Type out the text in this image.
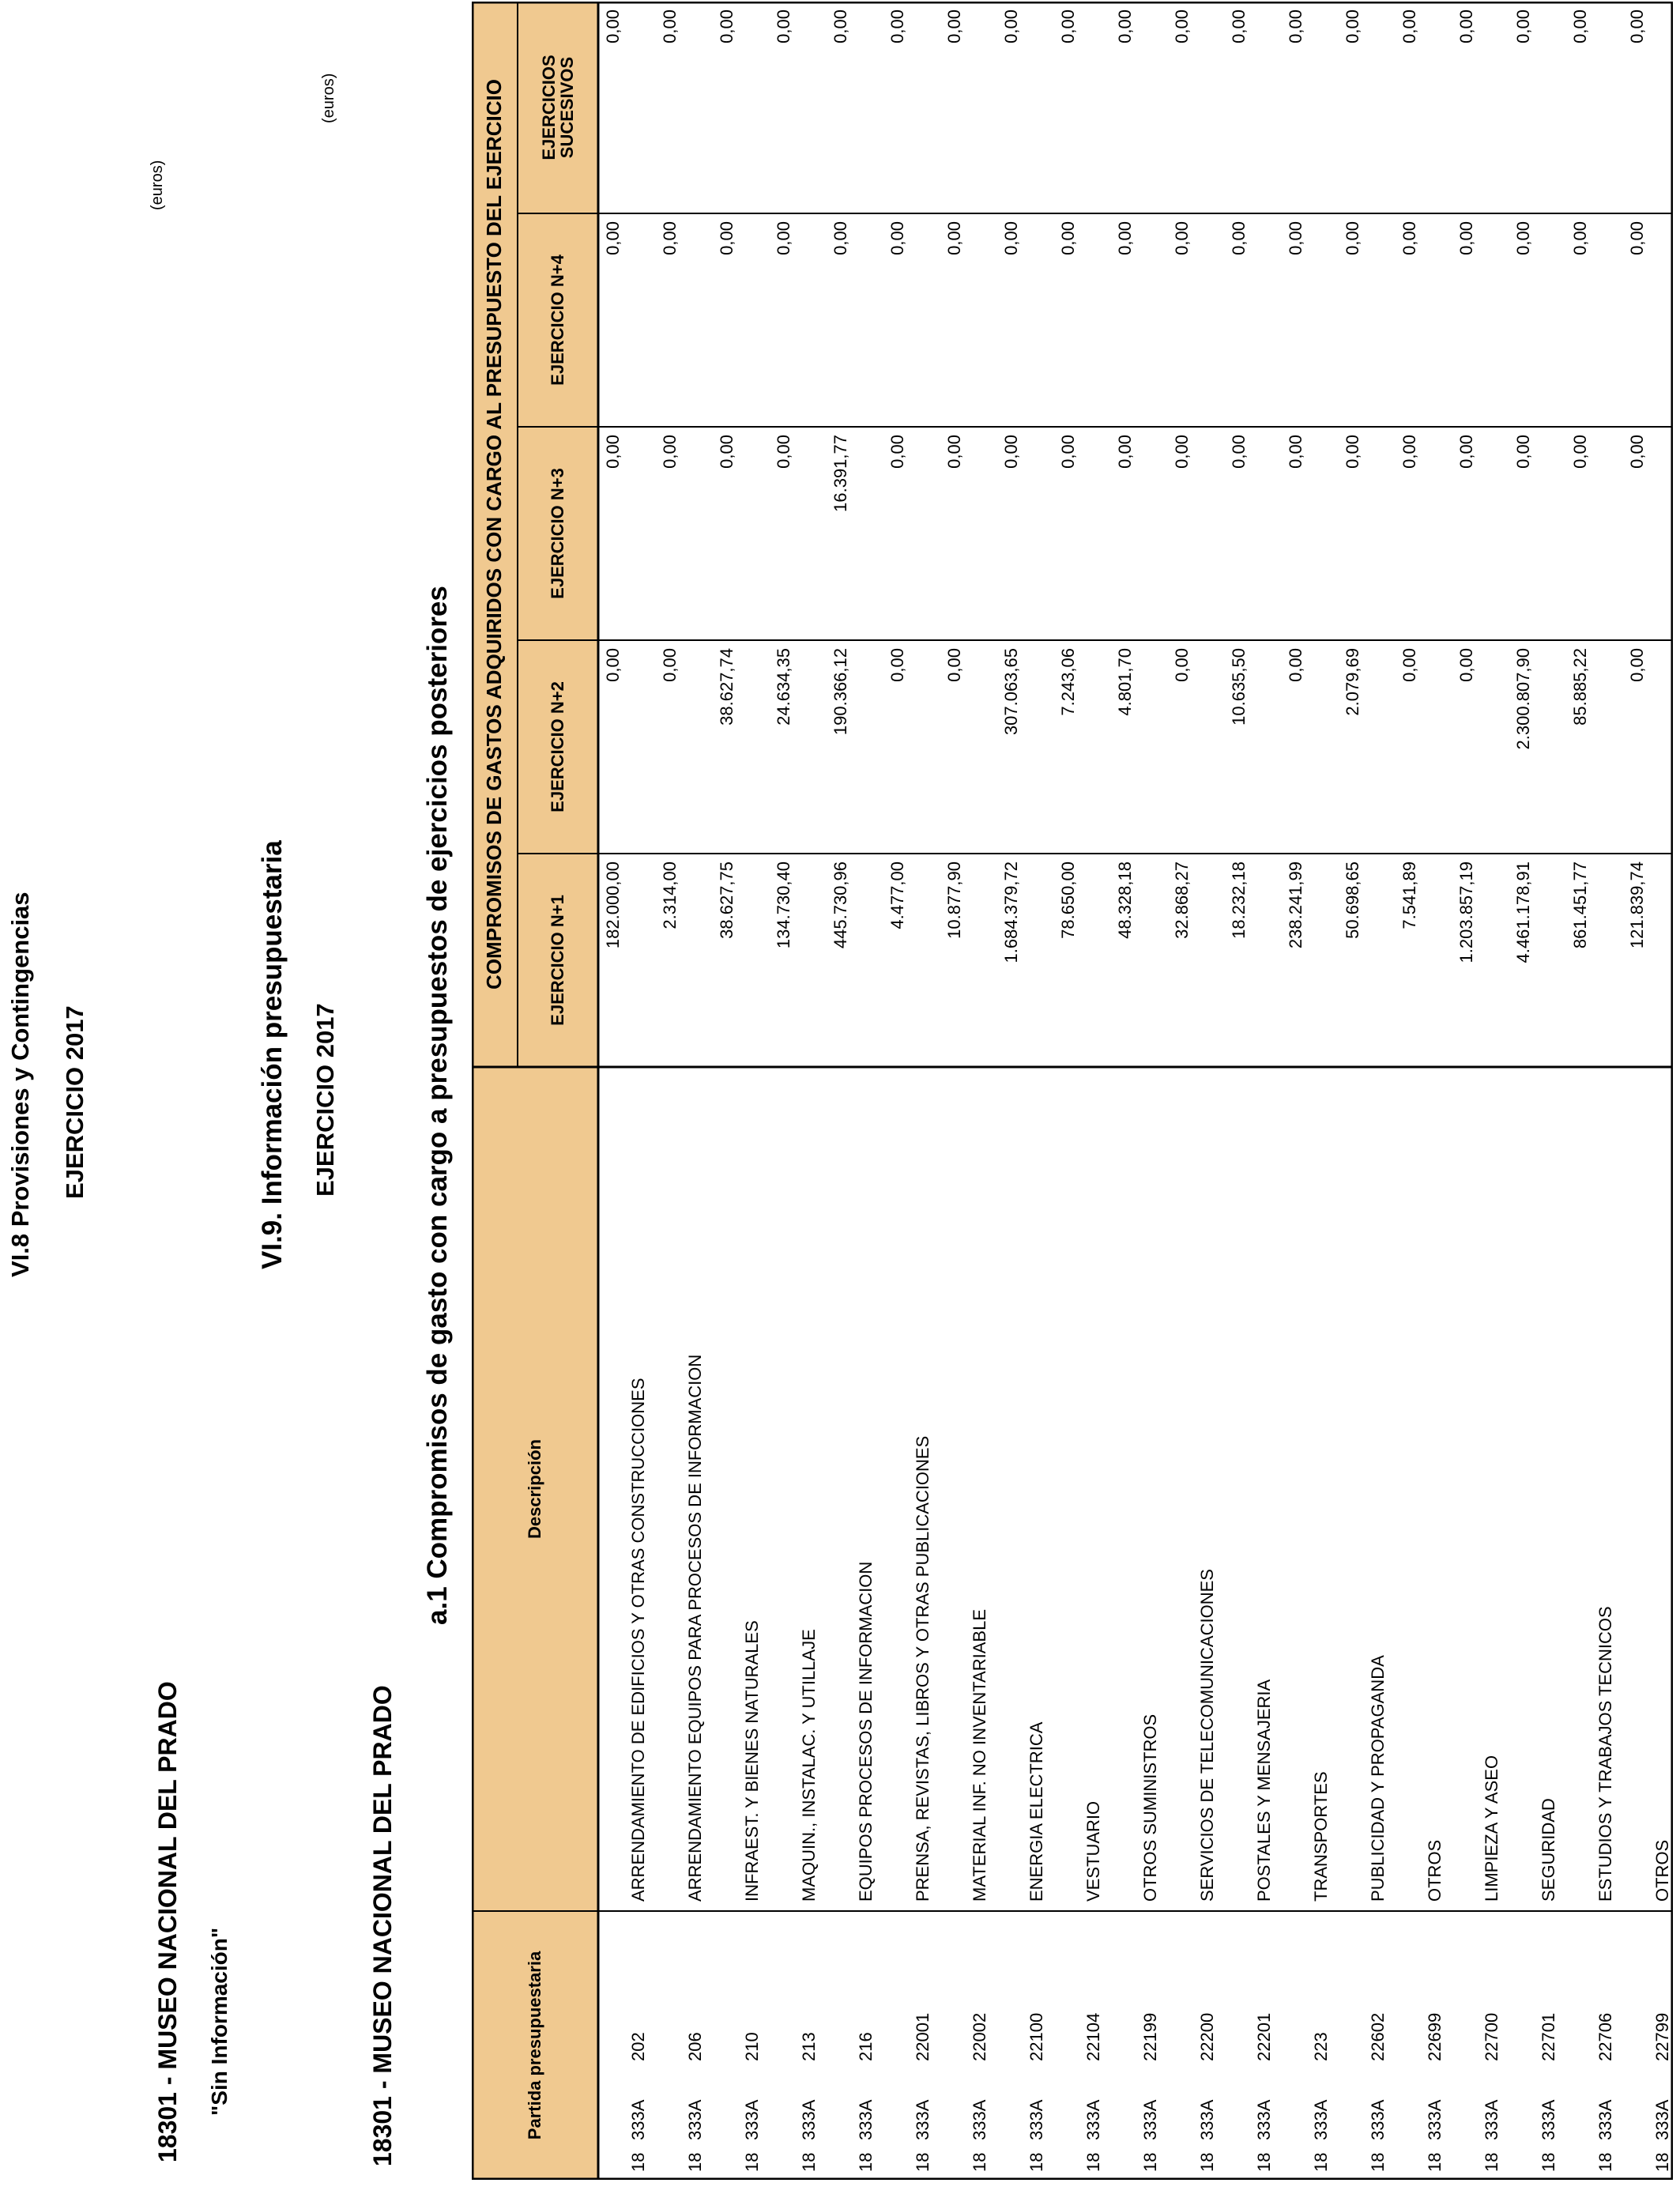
VI.8 Provisiones y Contingencias EJERCICIO 2017
(euros)
18301 - MUSEO NACIONAL DEL PRADO "Sin Información"
VI.9. Información presupuestaria EJERCICIO 2017
(euros)
18301 - MUSEO NACIONAL DEL PRADO
a.1 Compromisos de gasto con cargo a presupuestos de ejercicios posteriores
Partida presupuestaria
Descripción
COMPROMISOS DE GASTOS ADQUIRIDOS CON CARGO AL PRESUPUESTO DEL EJERCICIO	EJERCICIO N+1
EJERCICIO N+2
EJERCICIO N+3
EJERCICIO N+4
EJERCICIOS SUCESIVOS
18
333A
202
ARRENDAMIENTO DE EDIFICIOS Y OTRAS CONSTRUCCIONES
182.000,00
0,00
0,00
0,00
0,00
18
333A
206
ARRENDAMIENTO EQUIPOS PARA PROCESOS DE INFORMACION
2.314,00
0,00
0,00
0,00
0,00
18
333A
210
INFRAEST. Y BIENES NATURALES
38.627,75
38.627,74
0,00
0,00
0,00
18
333A
213
MAQUIN., INSTALAC. Y UTILLAJE
134.730,40
24.634,35
0,00
0,00
0,00
18
333A
216
EQUIPOS PROCESOS DE INFORMACION
445.730,96
190.366,12
16.391,77
0,00
0,00
18
333A
22001
PRENSA, REVISTAS, LIBROS Y OTRAS PUBLICACIONES
4.477,00
0,00
0,00
0,00
0,00
18
333A
22002
MATERIAL INF. NO INVENTARIABLE
10.877,90
0,00
0,00
0,00
0,00
18
333A
22100
ENERGIA ELECTRICA
1.684.379,72
307.063,65
0,00
0,00
0,00
18
333A
22104
VESTUARIO
78.650,00
7.243,06
0,00
0,00
0,00
18
333A
22199
OTROS SUMINISTROS
48.328,18
4.801,70
0,00
0,00
0,00
18
333A
22200
SERVICIOS DE TELECOMUNICACIONES
32.868,27
0,00
0,00
0,00
0,00
18
333A
22201
POSTALES Y MENSAJERIA
18.232,18
10.635,50
0,00
0,00
0,00
18
333A
223
TRANSPORTES
238.241,99
0,00
0,00
0,00
0,00
18
333A
22602
PUBLICIDAD Y PROPAGANDA
50.698,65
2.079,69
0,00
0,00
0,00
18
333A
22699
OTROS
7.541,89
0,00
0,00
0,00
0,00
18
333A
22700
LIMPIEZA Y ASEO
1.203.857,19
0,00
0,00
0,00
0,00
18
333A
22701
SEGURIDAD
4.461.178,91
2.300.807,90
0,00
0,00
0,00
18
333A
22706
ESTUDIOS Y TRABAJOS TECNICOS
861.451,77
85.885,22
0,00
0,00
0,00
18
333A
22799
OTROS
121.839,74
0,00
0,00
0,00
0,00
